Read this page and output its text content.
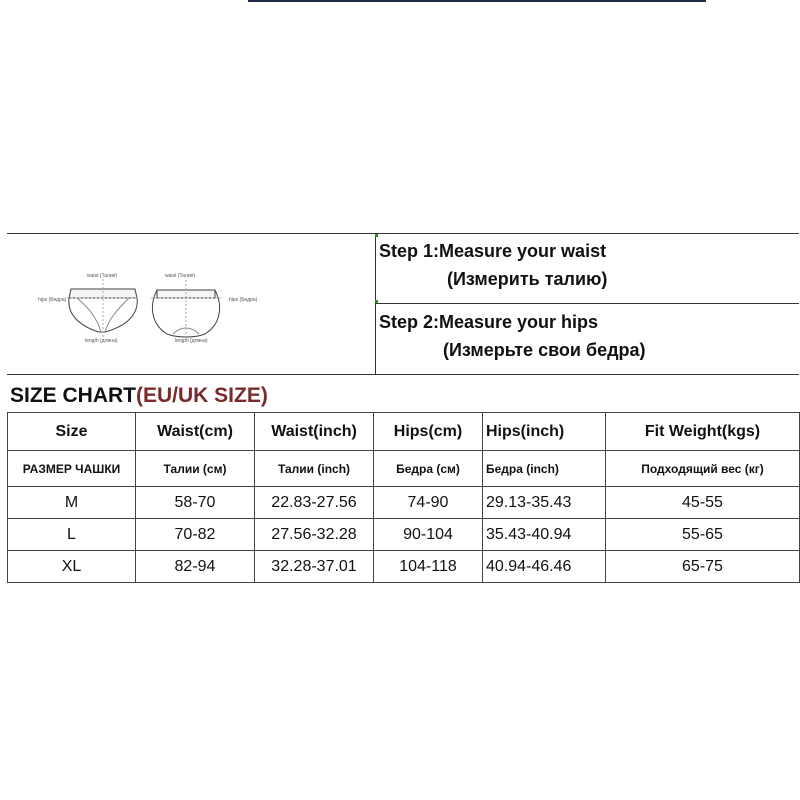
waist (Талия)
hips (Бедра)
length (длина)
waist (Талия)
hips (Бедра)
length (длина)
Step 1:Measure your waist
(Измерить талию)
Step 2:Measure your hips
(Измерьте свои бедра)
SIZE CHART(EU/UK SIZE)
Size	Waist(cm)	Waist(inch)	Hips(cm)	Hips(inch)	Fit Weight(kgs)
РАЗМЕР ЧАШКИ	Талии (см)	Талии (inch)	Бедра (см)	Бедра (inch)	Подходящий вес (кг)
M	58-70	22.83-27.56	74-90	29.13-35.43	45-55
L	70-82	27.56-32.28	90-104	35.43-40.94	55-65
XL	82-94	32.28-37.01	104-118	40.94-46.46	65-75
